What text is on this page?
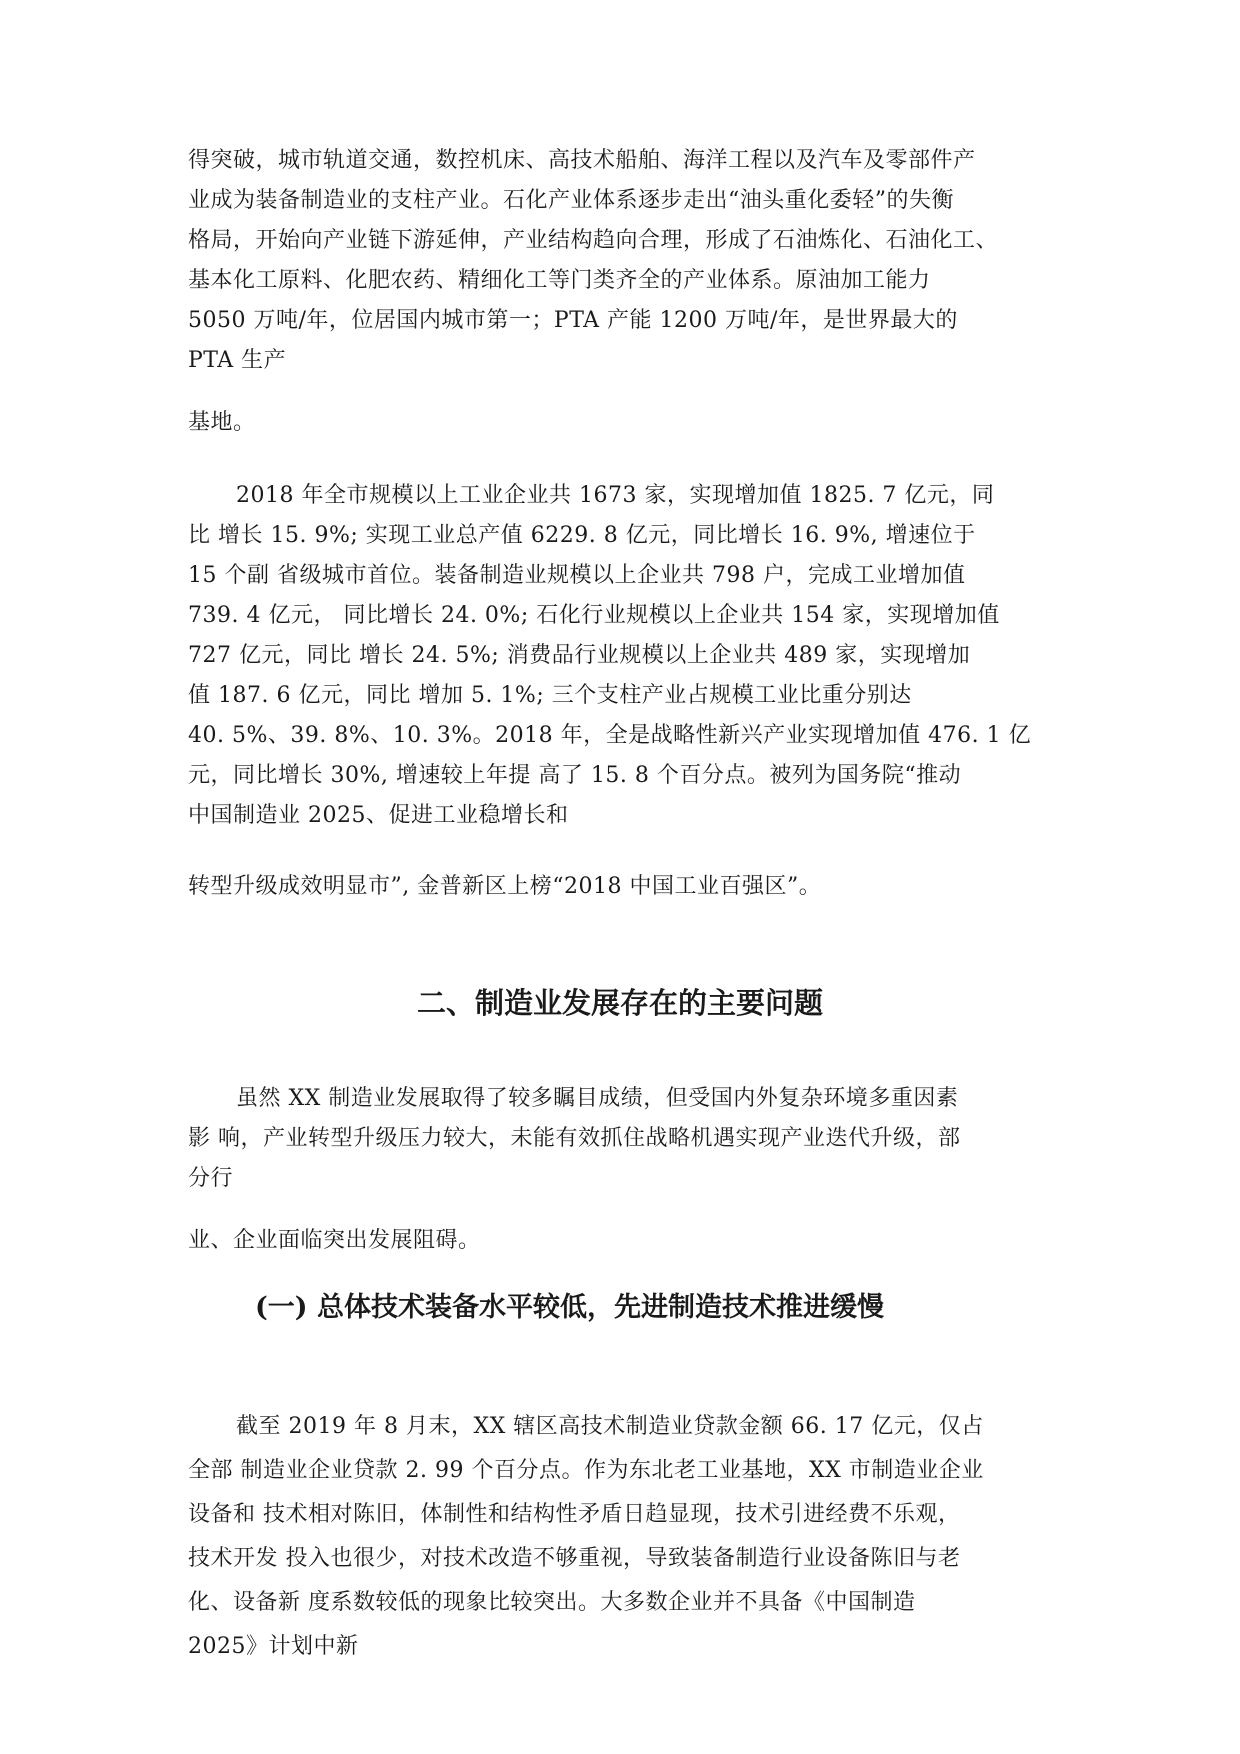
得突破，城市轨道交通，数控机床、高技术船舶、海洋工程以及汽车及零部件产
业成为装备制造业的支柱产业。石化产业体系逐步走出“油头重化委轻”的失衡
格局，开始向产业链下游延伸，产业结构趋向合理，形成了石油炼化、石油化工、
基本化工原料、化肥农药、精细化工等门类齐全的产业体系。原油加工能力
5050 万吨/年，位居国内城市第一；PTA 产能 1200 万吨/年，是世界最大的
PTA 生产
基地。
2018 年全市规模以上工业企业共 1673 家，实现增加值 1825. 7 亿元，同
比 增长 15. 9%; 实现工业总产值 6229. 8 亿元，同比增长 16. 9%, 增速位于
15 个副 省级城市首位。装备制造业规模以上企业共 798 户，完成工业增加值
739. 4 亿元， 同比增长 24. 0%; 石化行业规模以上企业共 154 家，实现增加值
727 亿元，同比 增长 24. 5%; 消费品行业规模以上企业共 489 家，实现增加
值 187. 6 亿元，同比 增加 5. 1%; 三个支柱产业占规模工业比重分别达
40. 5%、39. 8%、10. 3%。2018 年，全是战略性新兴产业实现增加值 476. 1 亿
元，同比增长 30%, 增速较上年提 高了 15. 8 个百分点。被列为国务院“推动
中国制造业 2025、促进工业稳增长和
转型升级成效明显市”, 金普新区上榜“2018 中国工业百强区”。
二、制造业发展存在的主要问题
虽然 XX 制造业发展取得了较多瞩目成绩，但受国内外复杂环境多重因素
影 响，产业转型升级压力较大，未能有效抓住战略机遇实现产业迭代升级，部
分行
业、企业面临突出发展阻碍。
(一) 总体技术装备水平较低，先进制造技术推进缓慢
截至 2019 年 8 月末，XX 辖区高技术制造业贷款金额 66. 17 亿元，仅占
全部 制造业企业贷款 2. 99 个百分点。作为东北老工业基地，XX 市制造业企业
设备和 技术相对陈旧，体制性和结构性矛盾日趋显现，技术引进经费不乐观，
技术开发 投入也很少，对技术改造不够重视，导致装备制造行业设备陈旧与老
化、设备新 度系数较低的现象比较突出。大多数企业并不具备《中国制造
2025》计划中新
